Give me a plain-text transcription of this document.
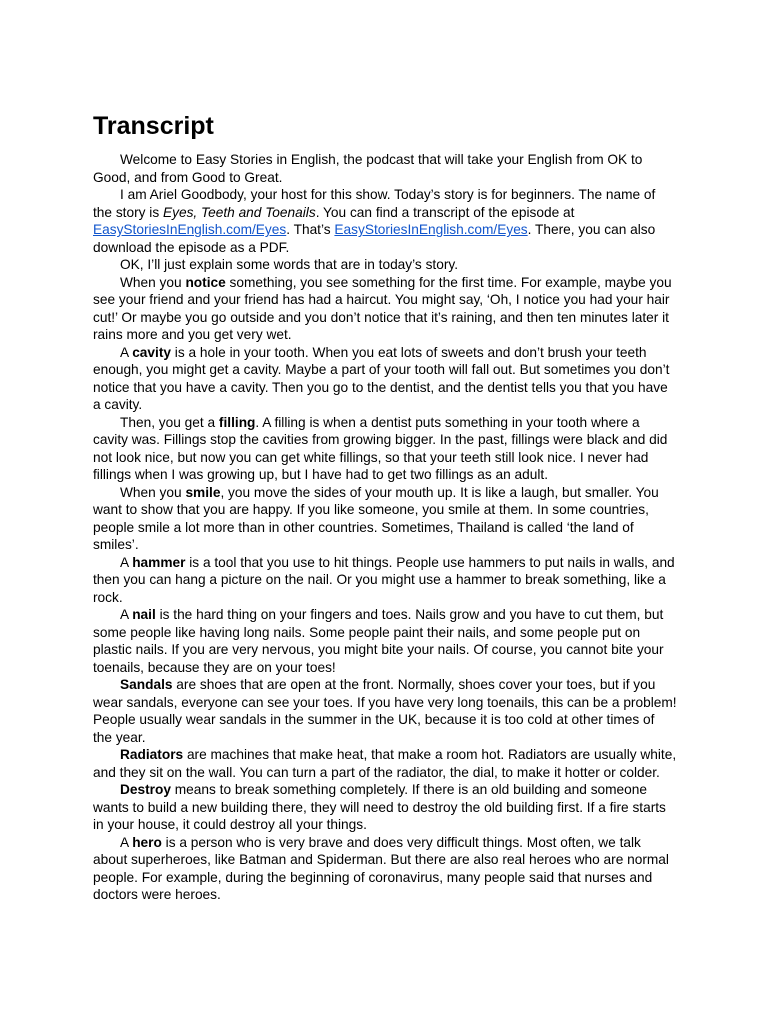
Transcript

Welcome to Easy Stories in English, the podcast that will take your English from OK to Good, and from Good to Great.

I am Ariel Goodbody, your host for this show. Today’s story is for beginners. The name of the story is Eyes, Teeth and Toenails. You can find a transcript of the episode at EasyStoriesInEnglish.com/Eyes. That’s EasyStoriesInEnglish.com/Eyes. There, you can also download the episode as a PDF.

OK, I’ll just explain some words that are in today’s story.

When you notice something, you see something for the first time. For example, maybe you see your friend and your friend has had a haircut. You might say, ‘Oh, I notice you had your hair cut!’ Or maybe you go outside and you don’t notice that it’s raining, and then ten minutes later it rains more and you get very wet.

A cavity is a hole in your tooth. When you eat lots of sweets and don’t brush your teeth enough, you might get a cavity. Maybe a part of your tooth will fall out. But sometimes you don’t notice that you have a cavity. Then you go to the dentist, and the dentist tells you that you have a cavity.

Then, you get a filling. A filling is when a dentist puts something in your tooth where a cavity was. Fillings stop the cavities from growing bigger. In the past, fillings were black and did not look nice, but now you can get white fillings, so that your teeth still look nice. I never had fillings when I was growing up, but I have had to get two fillings as an adult.

When you smile, you move the sides of your mouth up. It is like a laugh, but smaller. You want to show that you are happy. If you like someone, you smile at them. In some countries, people smile a lot more than in other countries. Sometimes, Thailand is called ‘the land of smiles’.

A hammer is a tool that you use to hit things. People use hammers to put nails in walls, and then you can hang a picture on the nail. Or you might use a hammer to break something, like a rock.

A nail is the hard thing on your fingers and toes. Nails grow and you have to cut them, but some people like having long nails. Some people paint their nails, and some people put on plastic nails. If you are very nervous, you might bite your nails. Of course, you cannot bite your toenails, because they are on your toes!

Sandals are shoes that are open at the front. Normally, shoes cover your toes, but if you wear sandals, everyone can see your toes. If you have very long toenails, this can be a problem! People usually wear sandals in the summer in the UK, because it is too cold at other times of the year.

Radiators are machines that make heat, that make a room hot. Radiators are usually white, and they sit on the wall. You can turn a part of the radiator, the dial, to make it hotter or colder.

Destroy means to break something completely. If there is an old building and someone wants to build a new building there, they will need to destroy the old building first. If a fire starts in your house, it could destroy all your things.

A hero is a person who is very brave and does very difficult things. Most often, we talk about superheroes, like Batman and Spiderman. But there are also real heroes who are normal people. For example, during the beginning of coronavirus, many people said that nurses and doctors were heroes.
